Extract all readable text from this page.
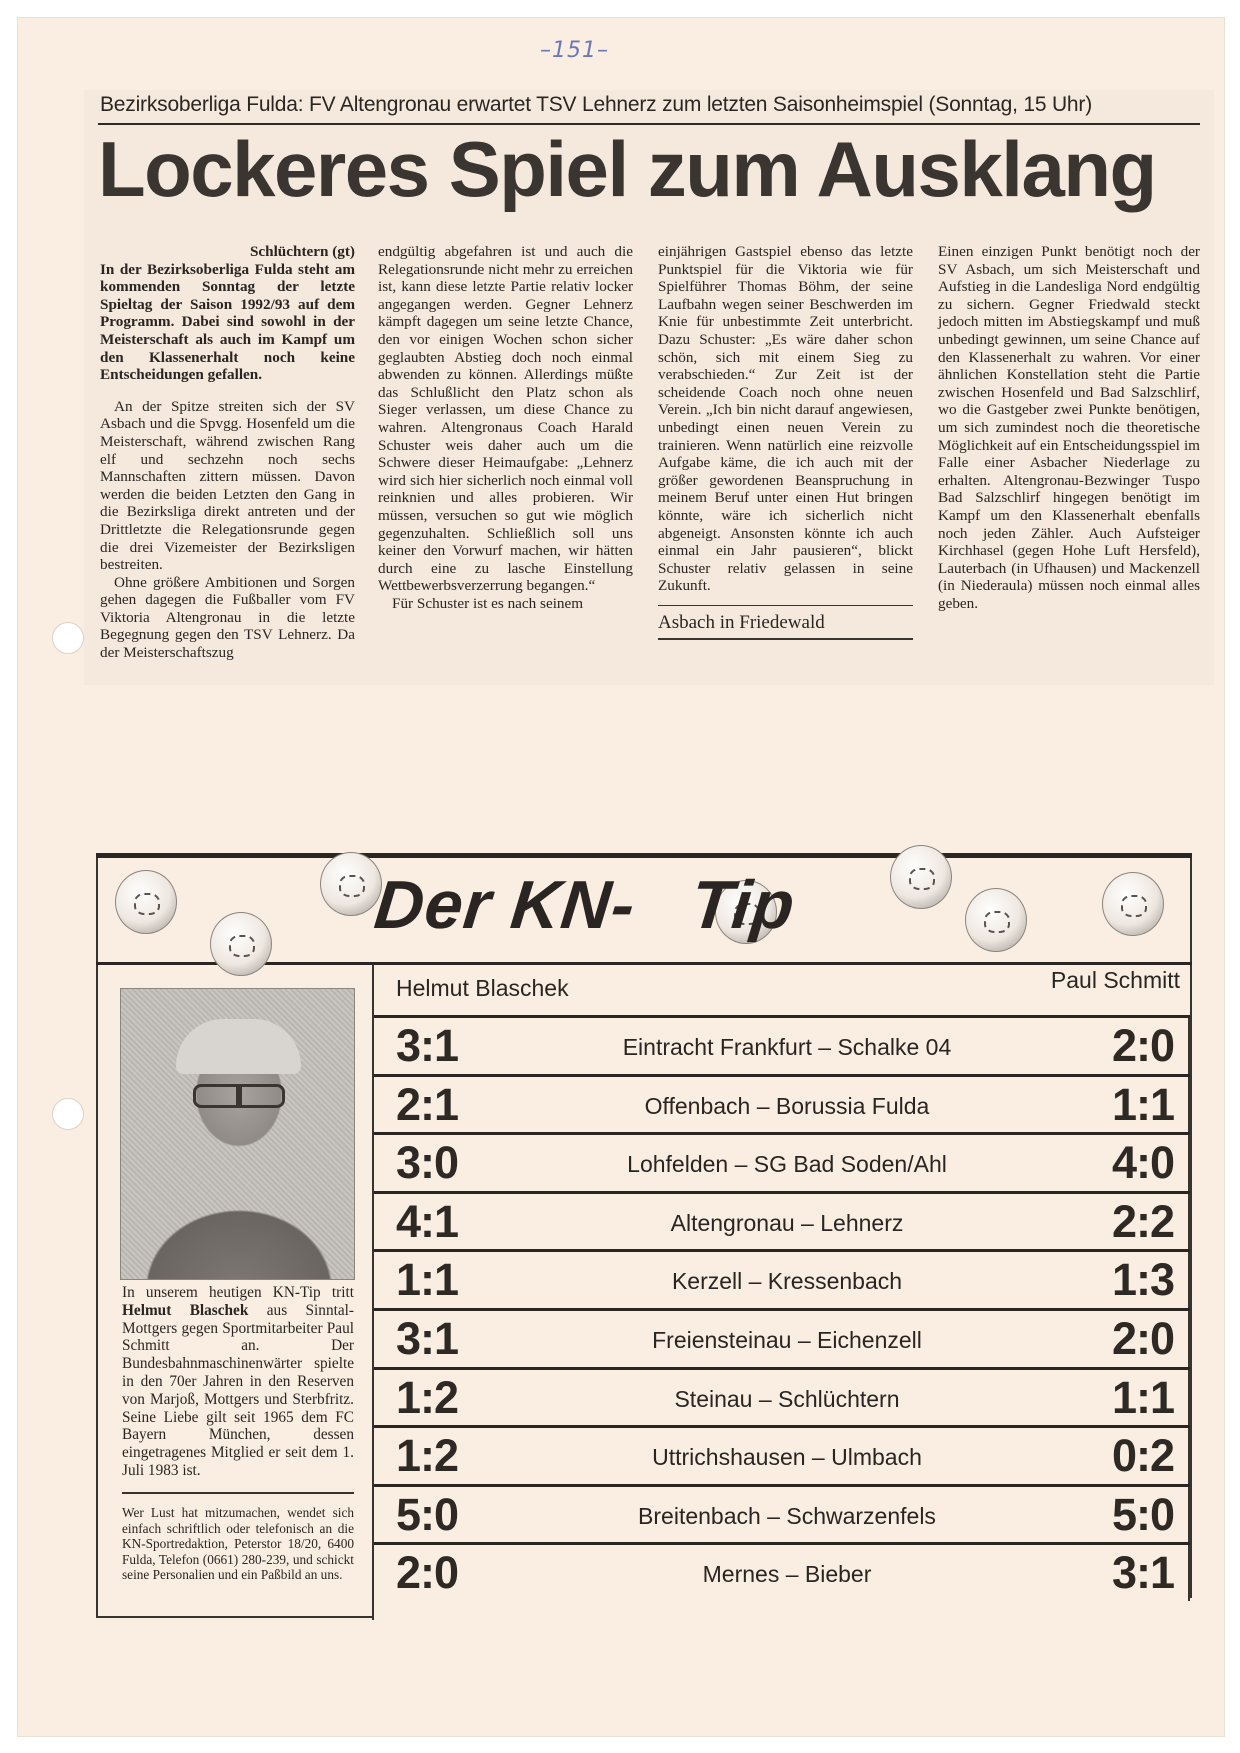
–151–
Bezirksoberliga Fulda: FV Altengronau erwartet TSV Lehnerz zum letzten Saisonheimspiel (Sonntag, 15 Uhr)
Lockeres Spiel zum Ausklang

Schlüchtern (gt)

In der Bezirksoberliga Fulda steht am kommenden Sonntag der letzte Spieltag der Saison 1992/93 auf dem Programm. Dabei sind sowohl in der Meisterschaft als auch im Kampf um den Klassenerhalt noch keine Entscheidungen gefallen.

An der Spitze streiten sich der SV Asbach und die Spvgg. Hosenfeld um die Meisterschaft, während zwischen Rang elf und sechzehn noch sechs Mannschaften zittern müssen. Davon werden die beiden Letzten den Gang in die Bezirksliga direkt antreten und der Drittletzte die Relegationsrunde gegen die drei Vizemeister der Bezirksligen bestreiten.

Ohne größere Ambitionen und Sorgen gehen dagegen die Fußballer vom FV Viktoria Altengronau in die letzte Begegnung gegen den TSV Lehnerz. Da der Meisterschaftszug

endgültig abgefahren ist und auch die Relegationsrunde nicht mehr zu erreichen ist, kann diese letzte Partie relativ locker angegangen werden. Gegner Lehnerz kämpft dagegen um seine letzte Chance, den vor einigen Wochen schon sicher geglaubten Abstieg doch noch einmal abwenden zu können. Allerdings müßte das Schlußlicht den Platz schon als Sieger verlassen, um diese Chance zu wahren. Altengronaus Coach Harald Schuster weis daher auch um die Schwere dieser Heimaufgabe: „Lehnerz wird sich hier sicherlich noch einmal voll reinknien und alles probieren. Wir müssen, versuchen so gut wie möglich gegenzuhalten. Schließlich soll uns keiner den Vorwurf machen, wir hätten durch eine zu lasche Einstellung Wettbewerbsverzerrung begangen.“

Für Schuster ist es nach seinem

einjährigen Gastspiel ebenso das letzte Punktspiel für die Viktoria wie für Spielführer Thomas Böhm, der seine Laufbahn wegen seiner Beschwerden im Knie für unbestimmte Zeit unterbricht. Dazu Schuster: „Es wäre daher schon schön, sich mit einem Sieg zu verabschieden.“ Zur Zeit ist der scheidende Coach noch ohne neuen Verein. „Ich bin nicht darauf angewiesen, unbedingt einen neuen Verein zu trainieren. Wenn natürlich eine reizvolle Aufgabe käme, die ich auch mit der größer gewordenen Beanspruchung in meinem Beruf unter einen Hut bringen könnte, wäre ich sicherlich nicht abgeneigt. Ansonsten könnte ich auch einmal ein Jahr pausieren“, blickt Schuster relativ gelassen in seine Zukunft.

Asbach in Friedewald

Einen einzigen Punkt benötigt noch der SV Asbach, um sich Meisterschaft und Aufstieg in die Landesliga Nord endgültig zu sichern. Gegner Friedwald steckt jedoch mitten im Abstiegskampf und muß unbedingt gewinnen, um seine Chance auf den Klassenerhalt zu wahren. Vor einer ähnlichen Konstellation steht die Partie zwischen Hosenfeld und Bad Salzschlirf, wo die Gastgeber zwei Punkte benötigen, um sich zumindest noch die theoretische Möglichkeit auf ein Entscheidungsspiel im Falle einer Asbacher Niederlage zu erhalten. Altengronau-Bezwinger Tuspo Bad Salzschlirf hingegen benötigt im Kampf um den Klassenerhalt ebenfalls noch jeden Zähler. Auch Aufsteiger Kirchhasel (gegen Hohe Luft Hersfeld), Lauterbach (in Ufhausen) und Mackenzell (in Niederaula) müssen noch einmal alles geben.

Der KN- Tip
In unserem heutigen KN-Tip tritt Helmut Blaschek aus Sinntal-Mottgers gegen Sportmitarbeiter Paul Schmitt an. Der Bundesbahnmaschinenwärter spielte in den 70er Jahren in den Reserven von Marjoß, Mottgers und Sterbfritz. Seine Liebe gilt seit 1965 dem FC Bayern München, dessen eingetragenes Mitglied er seit dem 1. Juli 1983 ist.
Wer Lust hat mitzumachen, wendet sich einfach schriftlich oder telefonisch an die KN-Sportredaktion, Peterstor 18/20, 6400 Fulda, Telefon (0661) 280-239, und schickt seine Personalien und ein Paßbild an uns.
Helmut Blaschek	Paul Schmitt
3:1	Eintracht Frankfurt – Schalke 04	2:0
2:1	Offenbach – Borussia Fulda	1:1
3:0	Lohfelden – SG Bad Soden/Ahl	4:0
4:1	Altengronau – Lehnerz	2:2
1:1	Kerzell – Kressenbach	1:3
3:1	Freiensteinau – Eichenzell	2:0
1:2	Steinau – Schlüchtern	1:1
1:2	Uttrichshausen – Ulmbach	0:2
5:0	Breitenbach – Schwarzenfels	5:0
2:0	Mernes – Bieber	3:1
